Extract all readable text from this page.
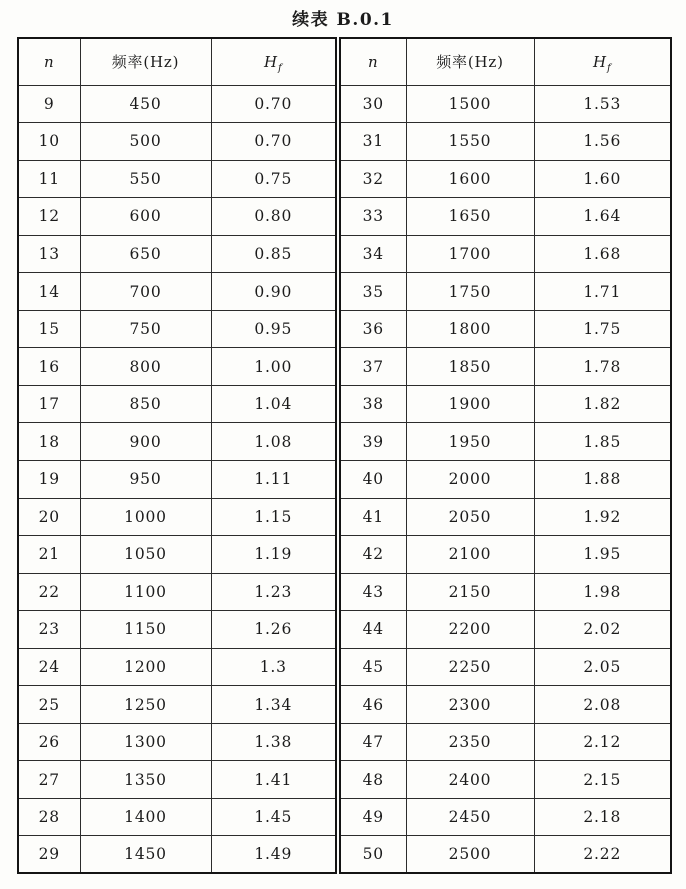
续表 B.0.1
n	频率(Hz)	$H_f$
9	450	0.70
10	500	0.70
11	550	0.75
12	600	0.80
13	650	0.85
14	700	0.90
15	750	0.95
16	800	1.00
17	850	1.04
18	900	1.08
19	950	1.11
20	1000	1.15
21	1050	1.19
22	1100	1.23
23	1150	1.26
24	1200	1.3
25	1250	1.34
26	1300	1.38
27	1350	1.41
28	1400	1.45
29	1450	1.49
n	频率(Hz)	$H_f$
30	1500	1.53
31	1550	1.56
32	1600	1.60
33	1650	1.64
34	1700	1.68
35	1750	1.71
36	1800	1.75
37	1850	1.78
38	1900	1.82
39	1950	1.85
40	2000	1.88
41	2050	1.92
42	2100	1.95
43	2150	1.98
44	2200	2.02
45	2250	2.05
46	2300	2.08
47	2350	2.12
48	2400	2.15
49	2450	2.18
50	2500	2.22
